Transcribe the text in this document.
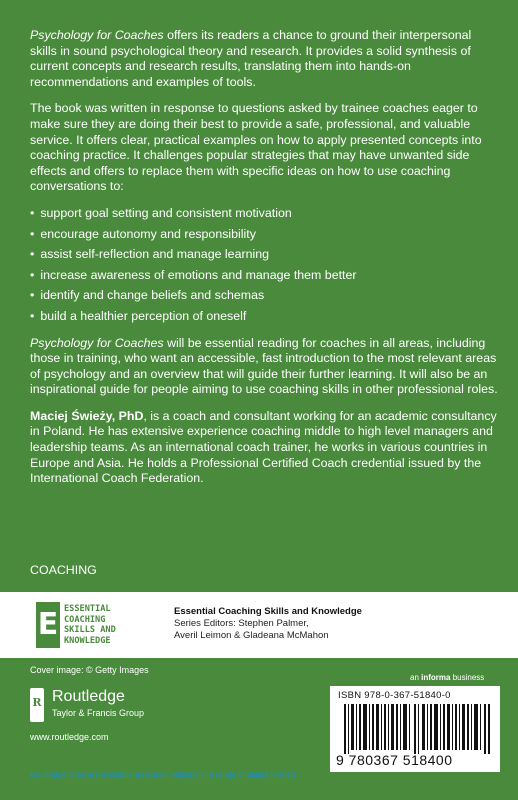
Psychology for Coaches offers its readers a chance to ground their interpersonal skills in sound psychological theory and research. It provides a solid synthesis of current concepts and research results, translating them into hands-on recommendations and examples of tools.

The book was written in response to questions asked by trainee coaches eager to make sure they are doing their best to provide a safe, professional, and valuable service. It offers clear, practical examples on how to apply presented concepts into coaching practice. It challenges popular strategies that may have unwanted side effects and offers to replace them with specific ideas on how to use coaching conversations to:

• support goal setting and consistent motivation
• encourage autonomy and responsibility
• assist self-reflection and manage learning
• increase awareness of emotions and manage them better
• identify and change beliefs and schemas
• build a healthier perception of oneself

Psychology for Coaches will be essential reading for coaches in all areas, including those in training, who want an accessible, fast introduction to the most relevant areas of psychology and an overview that will guide their further learning. It will also be an inspirational guide for people aiming to use coaching skills in other professional roles.

Maciej Świeży, PhD, is a coach and consultant working for an academic consultancy in Poland. He has extensive experience coaching middle to high level managers and leadership teams. As an international coach trainer, he works in various countries in Europe and Asia. He holds a Professional Certified Coach credential issued by the International Coach Federation.

COACHING
E ESSENTIAL
COACHING
SKILLS AND
KNOWLEDGE
Essential Coaching Skills and Knowledge
Series Editors: Stephen Palmer,
Averil Leimon & Gladeana McMahon
Cover image: © Getty Images
an informa business
R Routledge
Taylor & Francis Group
www.routledge.com
Routledge titles are available as eBook editions in a range of digital formats
ISBN 978-0-367-51840-0
9 780367 518400
